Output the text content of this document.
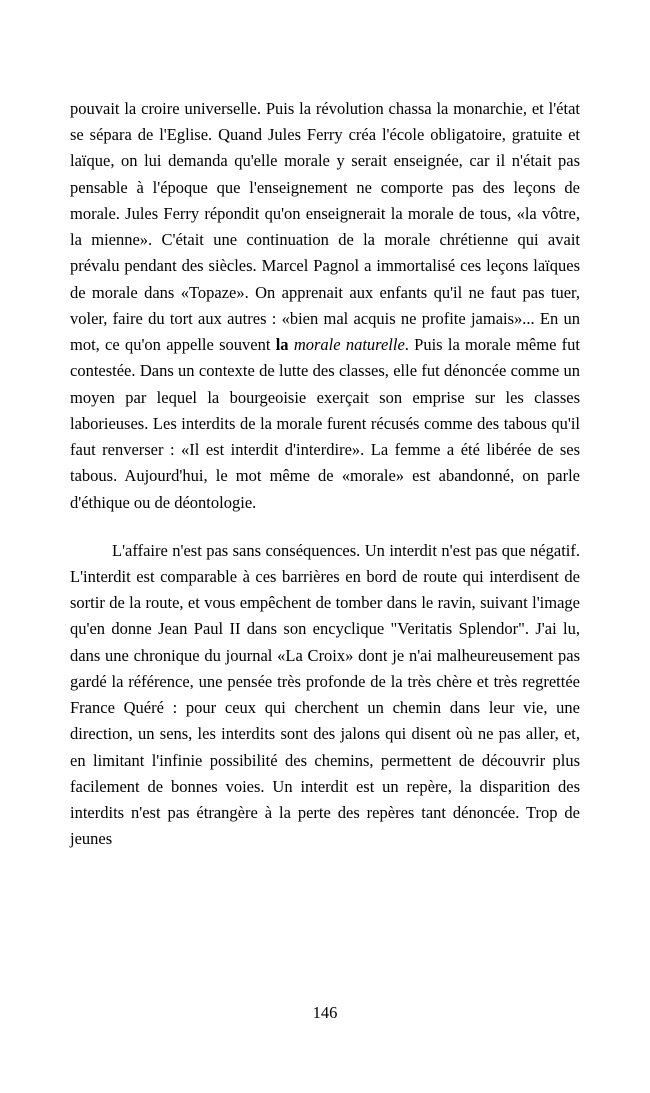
pouvait la croire universelle. Puis la révolution chassa la monarchie, et l'état se sépara de l'Eglise. Quand Jules Ferry créa l'école obligatoire, gratuite et laïque, on lui demanda qu'elle morale y serait enseignée, car il n'était pas pensable à l'époque que l'enseignement ne comporte pas des leçons de morale. Jules Ferry répondit qu'on enseignerait la morale de tous, «la vôtre, la mienne». C'était une continuation de la morale chrétienne qui avait prévalu pendant des siècles. Marcel Pagnol a immortalisé ces leçons laïques de morale dans «Topaze». On apprenait aux enfants qu'il ne faut pas tuer, voler, faire du tort aux autres : «bien mal acquis ne profite jamais»... En un mot, ce qu'on appelle souvent la morale naturelle. Puis la morale même fut contestée. Dans un contexte de lutte des classes, elle fut dénoncée comme un moyen par lequel la bourgeoisie exerçait son emprise sur les classes laborieuses. Les interdits de la morale furent récusés comme des tabous qu'il faut renverser : «Il est interdit d'interdire». La femme a été libérée de ses tabous. Aujourd'hui, le mot même de «morale» est abandonné, on parle d'éthique ou de déontologie.

L'affaire n'est pas sans conséquences. Un interdit n'est pas que négatif. L'interdit est comparable à ces barrières en bord de route qui interdisent de sortir de la route, et vous empêchent de tomber dans le ravin, suivant l'image qu'en donne Jean Paul II dans son encyclique "Veritatis Splendor". J'ai lu, dans une chronique du journal «La Croix» dont je n'ai malheureusement pas gardé la référence, une pensée très profonde de la très chère et très regrettée France Quéré : pour ceux qui cherchent un chemin dans leur vie, une direction, un sens, les interdits sont des jalons qui disent où ne pas aller, et, en limitant l'infinie possibilité des chemins, permettent de découvrir plus facilement de bonnes voies. Un interdit est un repère, la disparition des interdits n'est pas étrangère à la perte des repères tant dénoncée. Trop de jeunes

146
